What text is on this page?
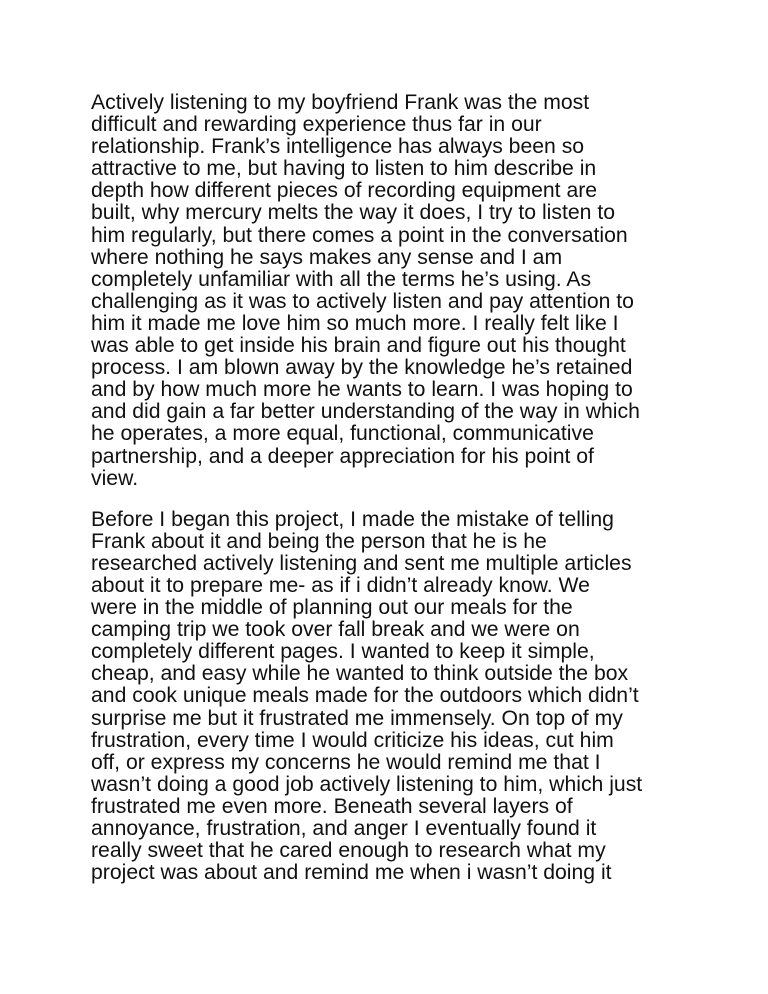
Actively listening to my boyfriend Frank was the most
difficult and rewarding experience thus far in our
relationship. Frank’s intelligence has always been so
attractive to me, but having to listen to him describe in
depth how different pieces of recording equipment are
built, why mercury melts the way it does, I try to listen to
him regularly, but there comes a point in the conversation
where nothing he says makes any sense and I am
completely unfamiliar with all the terms he’s using. As
challenging as it was to actively listen and pay attention to
him it made me love him so much more. I really felt like I
was able to get inside his brain and figure out his thought
process. I am blown away by the knowledge he’s retained
and by how much more he wants to learn. I was hoping to
and did gain a far better understanding of the way in which
he operates, a more equal, functional, communicative
partnership, and a deeper appreciation for his point of
view.
Before I began this project, I made the mistake of telling
Frank about it and being the person that he is he
researched actively listening and sent me multiple articles
about it to prepare me- as if i didn’t already know. We
were in the middle of planning out our meals for the
camping trip we took over fall break and we were on
completely different pages. I wanted to keep it simple,
cheap, and easy while he wanted to think outside the box
and cook unique meals made for the outdoors which didn’t
surprise me but it frustrated me immensely. On top of my
frustration, every time I would criticize his ideas, cut him
off, or express my concerns he would remind me that I
wasn’t doing a good job actively listening to him, which just
frustrated me even more. Beneath several layers of
annoyance, frustration, and anger I eventually found it
really sweet that he cared enough to research what my
project was about and remind me when i wasn’t doing it
